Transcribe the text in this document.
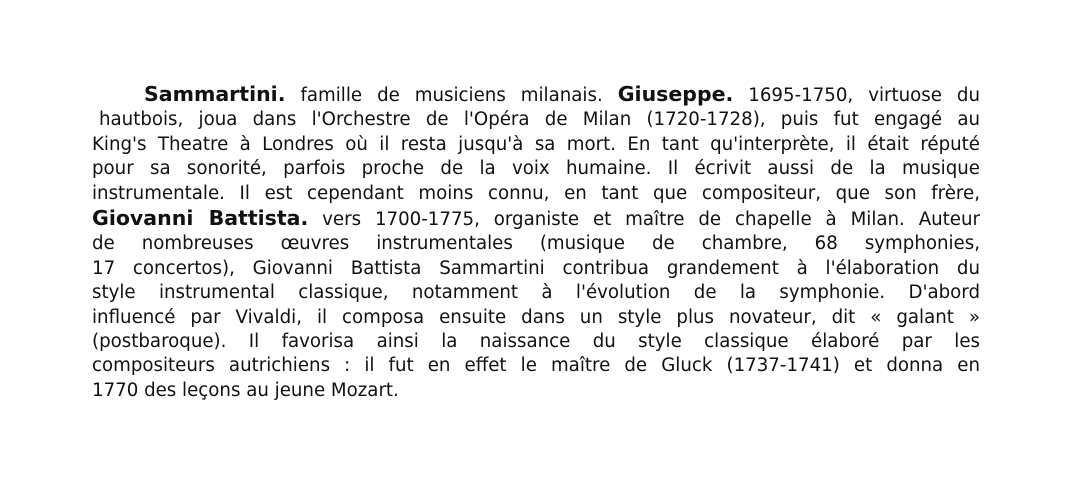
Sammartini. famille de musiciens milanais. Giuseppe. 1695-1750, virtuose du
hautbois, joua dans l'Orchestre de l'Opéra de Milan (1720-1728), puis fut engagé au
King's Theatre à Londres où il resta jusqu'à sa mort. En tant qu'interprète, il était réputé
pour sa sonorité, parfois proche de la voix humaine. Il écrivit aussi de la musique
instrumentale. Il est cependant moins connu, en tant que compositeur, que son frère,
Giovanni Battista. vers 1700-1775, organiste et maître de chapelle à Milan. Auteur
de nombreuses œuvres instrumentales (musique de chambre, 68 symphonies,
17 concertos), Giovanni Battista Sammartini contribua grandement à l'élaboration du
style instrumental classique, notamment à l'évolution de la symphonie. D'abord
influencé par Vivaldi, il composa ensuite dans un style plus novateur, dit « galant »
(postbaroque). Il favorisa ainsi la naissance du style classique élaboré par les
compositeurs autrichiens : il fut en effet le maître de Gluck (1737-1741) et donna en
1770 des leçons au jeune Mozart.
